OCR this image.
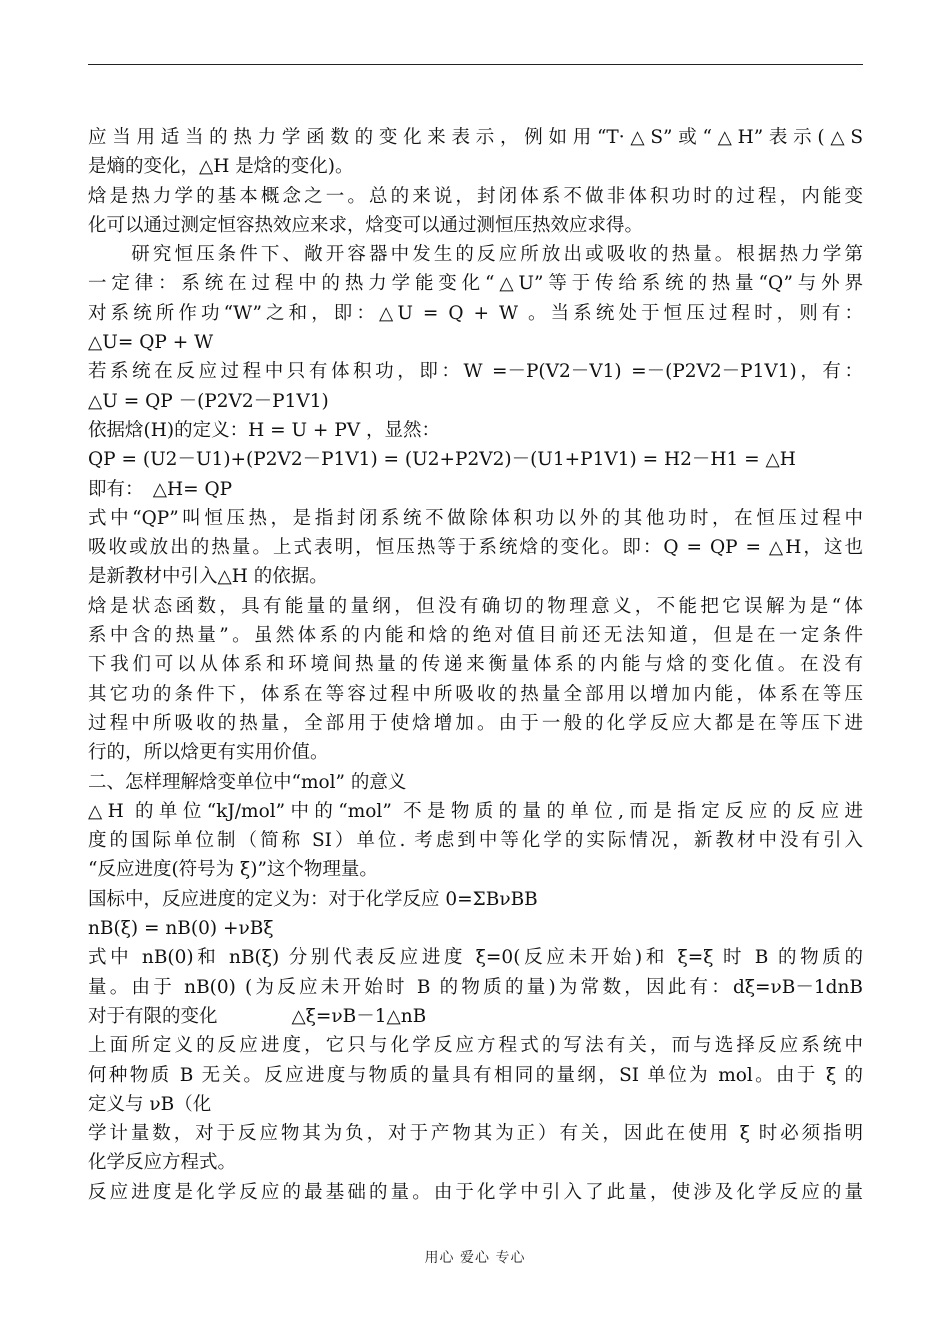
应当用适当的热力学函数的变化来表示，例如用“T·△S”或“△H”表示(△S
是熵的变化，△H 是焓的变化)。
焓是热力学的基本概念之一。总的来说，封闭体系不做非体积功时的过程，内能变
化可以通过测定恒容热效应来求，焓变可以通过测恒压热效应求得。
　　研究恒压条件下、敞开容器中发生的反应所放出或吸收的热量。根据热力学第
一定律：系统在过程中的热力学能变化“△U”等于传给系统的热量“Q”与外界
对系统所作功“W”之和，即：△U = Q + W 。当系统处于恒压过程时，则有：
△U= QP + W
若系统在反应过程中只有体积功，即：W =－P(V2－V1) =－(P2V2－P1V1)，有：
△U = QP －(P2V2－P1V1)
依据焓(H)的定义：H = U + PV ，显然：
QP = (U2－U1)+(P2V2－P1V1) = (U2+P2V2)－(U1+P1V1) = H2－H1 = △H
即有：　△H= QP
式中“QP”叫恒压热，是指封闭系统不做除体积功以外的其他功时，在恒压过程中
吸收或放出的热量。上式表明，恒压热等于系统焓的变化。即：Q = QP = △H，这也
是新教材中引入△H 的依据。
焓是状态函数，具有能量的量纲，但没有确切的物理意义，不能把它误解为是“体
系中含的热量”。虽然体系的内能和焓的绝对值目前还无法知道，但是在一定条件
下我们可以从体系和环境间热量的传递来衡量体系的内能与焓的变化值。在没有
其它功的条件下，体系在等容过程中所吸收的热量全部用以增加内能，体系在等压
过程中所吸收的热量，全部用于使焓增加。由于一般的化学反应大都是在等压下进
行的，所以焓更有实用价值。
二、怎样理解焓变单位中“mol” 的意义
△H 的单位“kJ/mol”中的“mol” 不是物质的量的单位,而是指定反应的反应进
度的国际单位制（简称 SI）单位. 考虑到中等化学的实际情况，新教材中没有引入
“反应进度(符号为 ξ)”这个物理量。
国标中，反应进度的定义为：对于化学反应 0=ΣBνBB
nB(ξ) = nB(0) +νBξ
式中 nB(0)和 nB(ξ) 分别代表反应进度 ξ=0(反应未开始)和 ξ=ξ 时 B 的物质的
量。由于 nB(0) (为反应未开始时 B 的物质的量)为常数，因此有：dξ=νB－1dnB
对于有限的变化　　　　△ξ=νB－1△nB
上面所定义的反应进度，它只与化学反应方程式的写法有关，而与选择反应系统中
何种物质 B 无关。反应进度与物质的量具有相同的量纲，SI 单位为 mol。由于 ξ 的
定义与 νB（化
学计量数，对于反应物其为负，对于产物其为正）有关，因此在使用 ξ 时必须指明
化学反应方程式。
反应进度是化学反应的最基础的量。由于化学中引入了此量，使涉及化学反应的量
用心 爱心 专心
